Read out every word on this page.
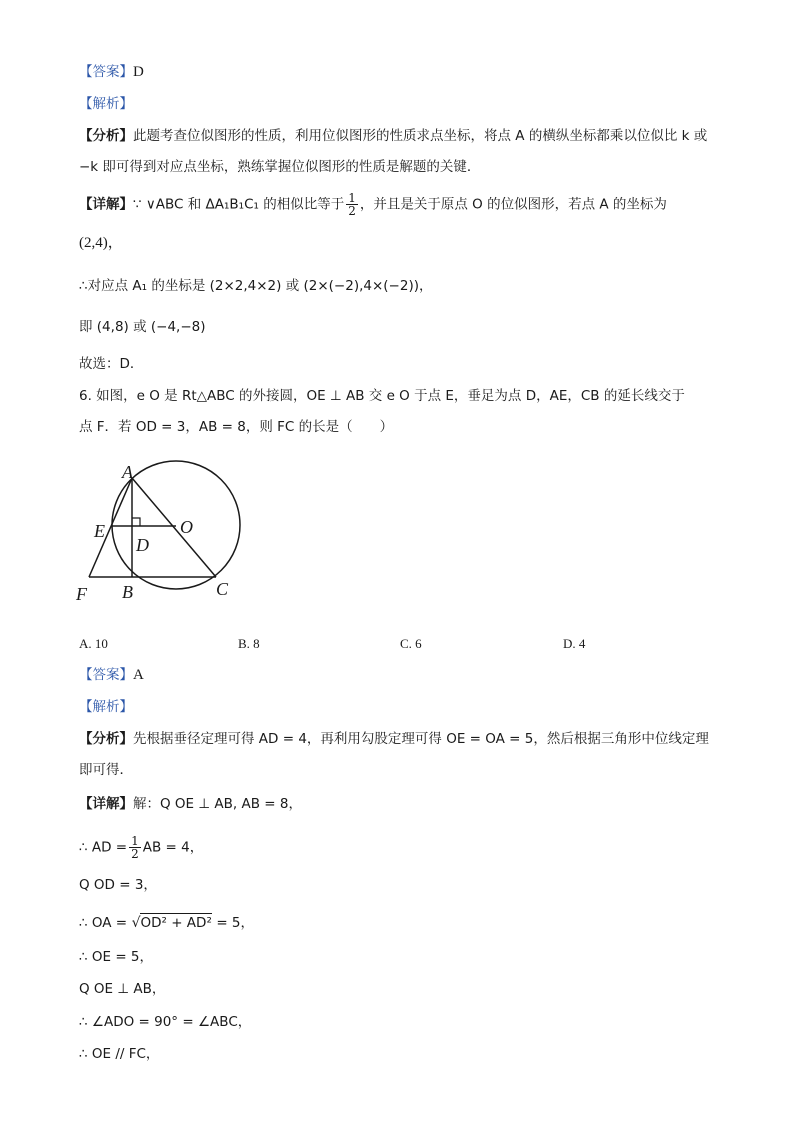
【答案】D
【解析】
【分析】此题考查位似图形的性质，利用位似图形的性质求点坐标，将点 A 的横纵坐标都乘以位似比 k 或
−k 即可得到对应点坐标，熟练掌握位似图形的性质是解题的关键．
【详解】∵ ∨ABC 和 ΔA₁B₁C₁ 的相似比等于 $\frac{1}{2}$ ，并且是关于原点 O 的位似图形，若点 A 的坐标为
(2,4)，
∴对应点 A₁ 的坐标是 (2×2,4×2) 或 (2×(−2),4×(−2))，
即 (4,8) 或 (−4,−8)
故选：D．
6. 如图，e O 是 Rt△ABC 的外接圆，OE ⊥ AB 交 e O 于点 E，垂足为点 D，AE，CB 的延长线交于
点 F．若 OD = 3，AB = 8，则 FC 的长是（　　）
A
E
D
O
F B	C
A. 10	B. 8	C. 6	D. 4
【答案】A
【解析】
【分析】先根据垂径定理可得 AD = 4，再利用勾股定理可得 OE = OA = 5，然后根据三角形中位线定理
即可得．
【详解】解：Q OE ⊥ AB, AB = 8，
∴ AD = $\frac{1}{2}$ AB = 4，
Q OD = 3，
∴ OA = √OD² + AD² = 5，
∴ OE = 5，
Q OE ⊥ AB，
∴ ∠ADO = 90° = ∠ABC，
∴ OE // FC，
